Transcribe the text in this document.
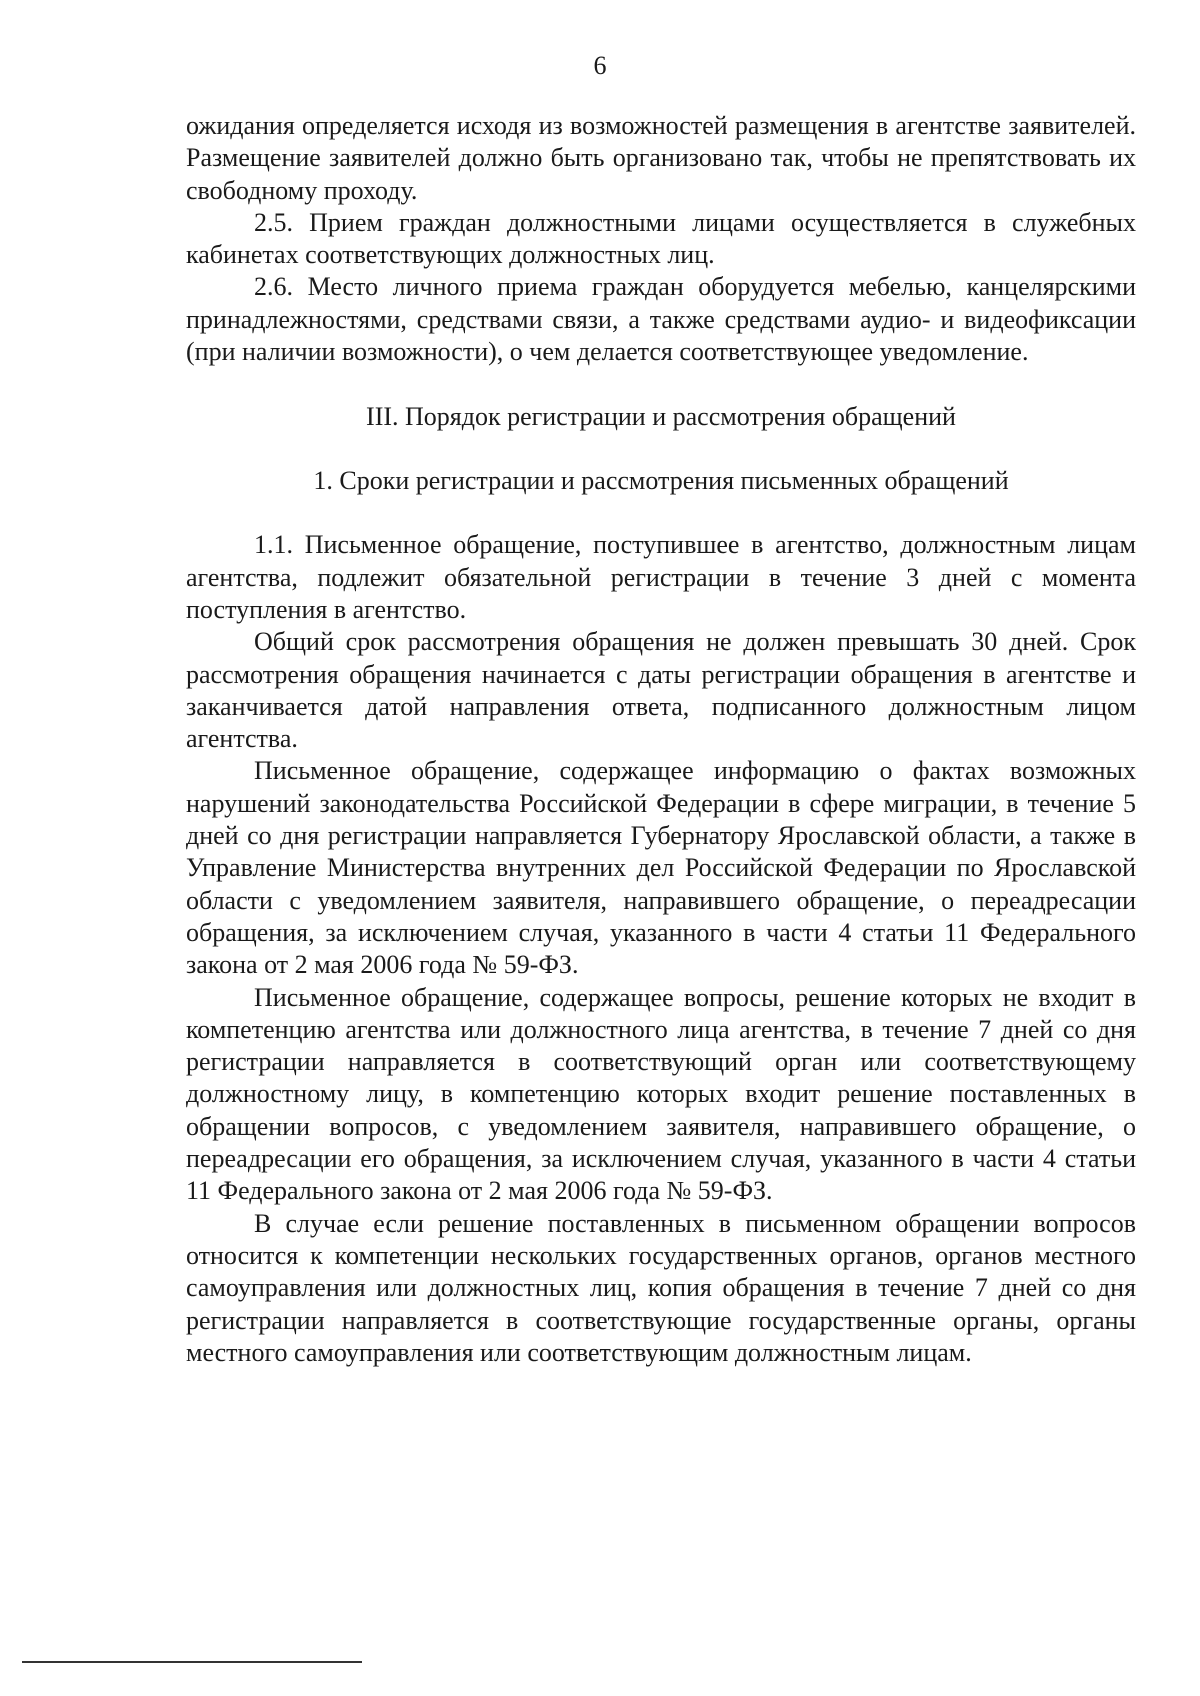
6

ожидания определяется исходя из возможностей размещения в агентстве заявителей. Размещение заявителей должно быть организовано так, чтобы не препятствовать их свободному проходу.

2.5. Прием граждан должностными лицами осуществляется в служебных кабинетах соответствующих должностных лиц.

2.6. Место личного приема граждан оборудуется мебелью, канцелярскими принадлежностями, средствами связи, а также средствами аудио- и видеофиксации (при наличии возможности), о чем делается соответствующее уведомление.

III. Порядок регистрации и рассмотрения обращений
1. Сроки регистрации и рассмотрения письменных обращений

1.1. Письменное обращение, поступившее в агентство, должностным лицам агентства, подлежит обязательной регистрации в течение 3 дней с момента поступления в агентство.

Общий срок рассмотрения обращения не должен превышать 30 дней. Срок рассмотрения обращения начинается с даты регистрации обращения в агентстве и заканчивается датой направления ответа, подписанного должностным лицом агентства.

Письменное обращение, содержащее информацию о фактах возможных нарушений законодательства Российской Федерации в сфере миграции, в течение 5 дней со дня регистрации направляется Губернатору Ярославской области, а также в Управление Министерства внутренних дел Российской Федерации по Ярославской области с уведомлением заявителя, направившего обращение, о переадресации обращения, за исключением случая, указанного в части 4 статьи 11 Федерального закона от 2 мая 2006 года № 59-ФЗ.

Письменное обращение, содержащее вопросы, решение которых не входит в компетенцию агентства или должностного лица агентства, в течение 7 дней со дня регистрации направляется в соответствующий орган или соответствующему должностному лицу, в компетенцию которых входит решение поставленных в обращении вопросов, с уведомлением заявителя, направившего обращение, о переадресации его обращения, за исключением случая, указанного в части 4 статьи 11 Федерального закона от 2 мая 2006 года № 59-ФЗ.

В случае если решение поставленных в письменном обращении вопросов относится к компетенции нескольких государственных органов, органов местного самоуправления или должностных лиц, копия обращения в течение 7 дней со дня регистрации направляется в соответствующие государственные органы, органы местного самоуправления или соответствующим должностным лицам.
